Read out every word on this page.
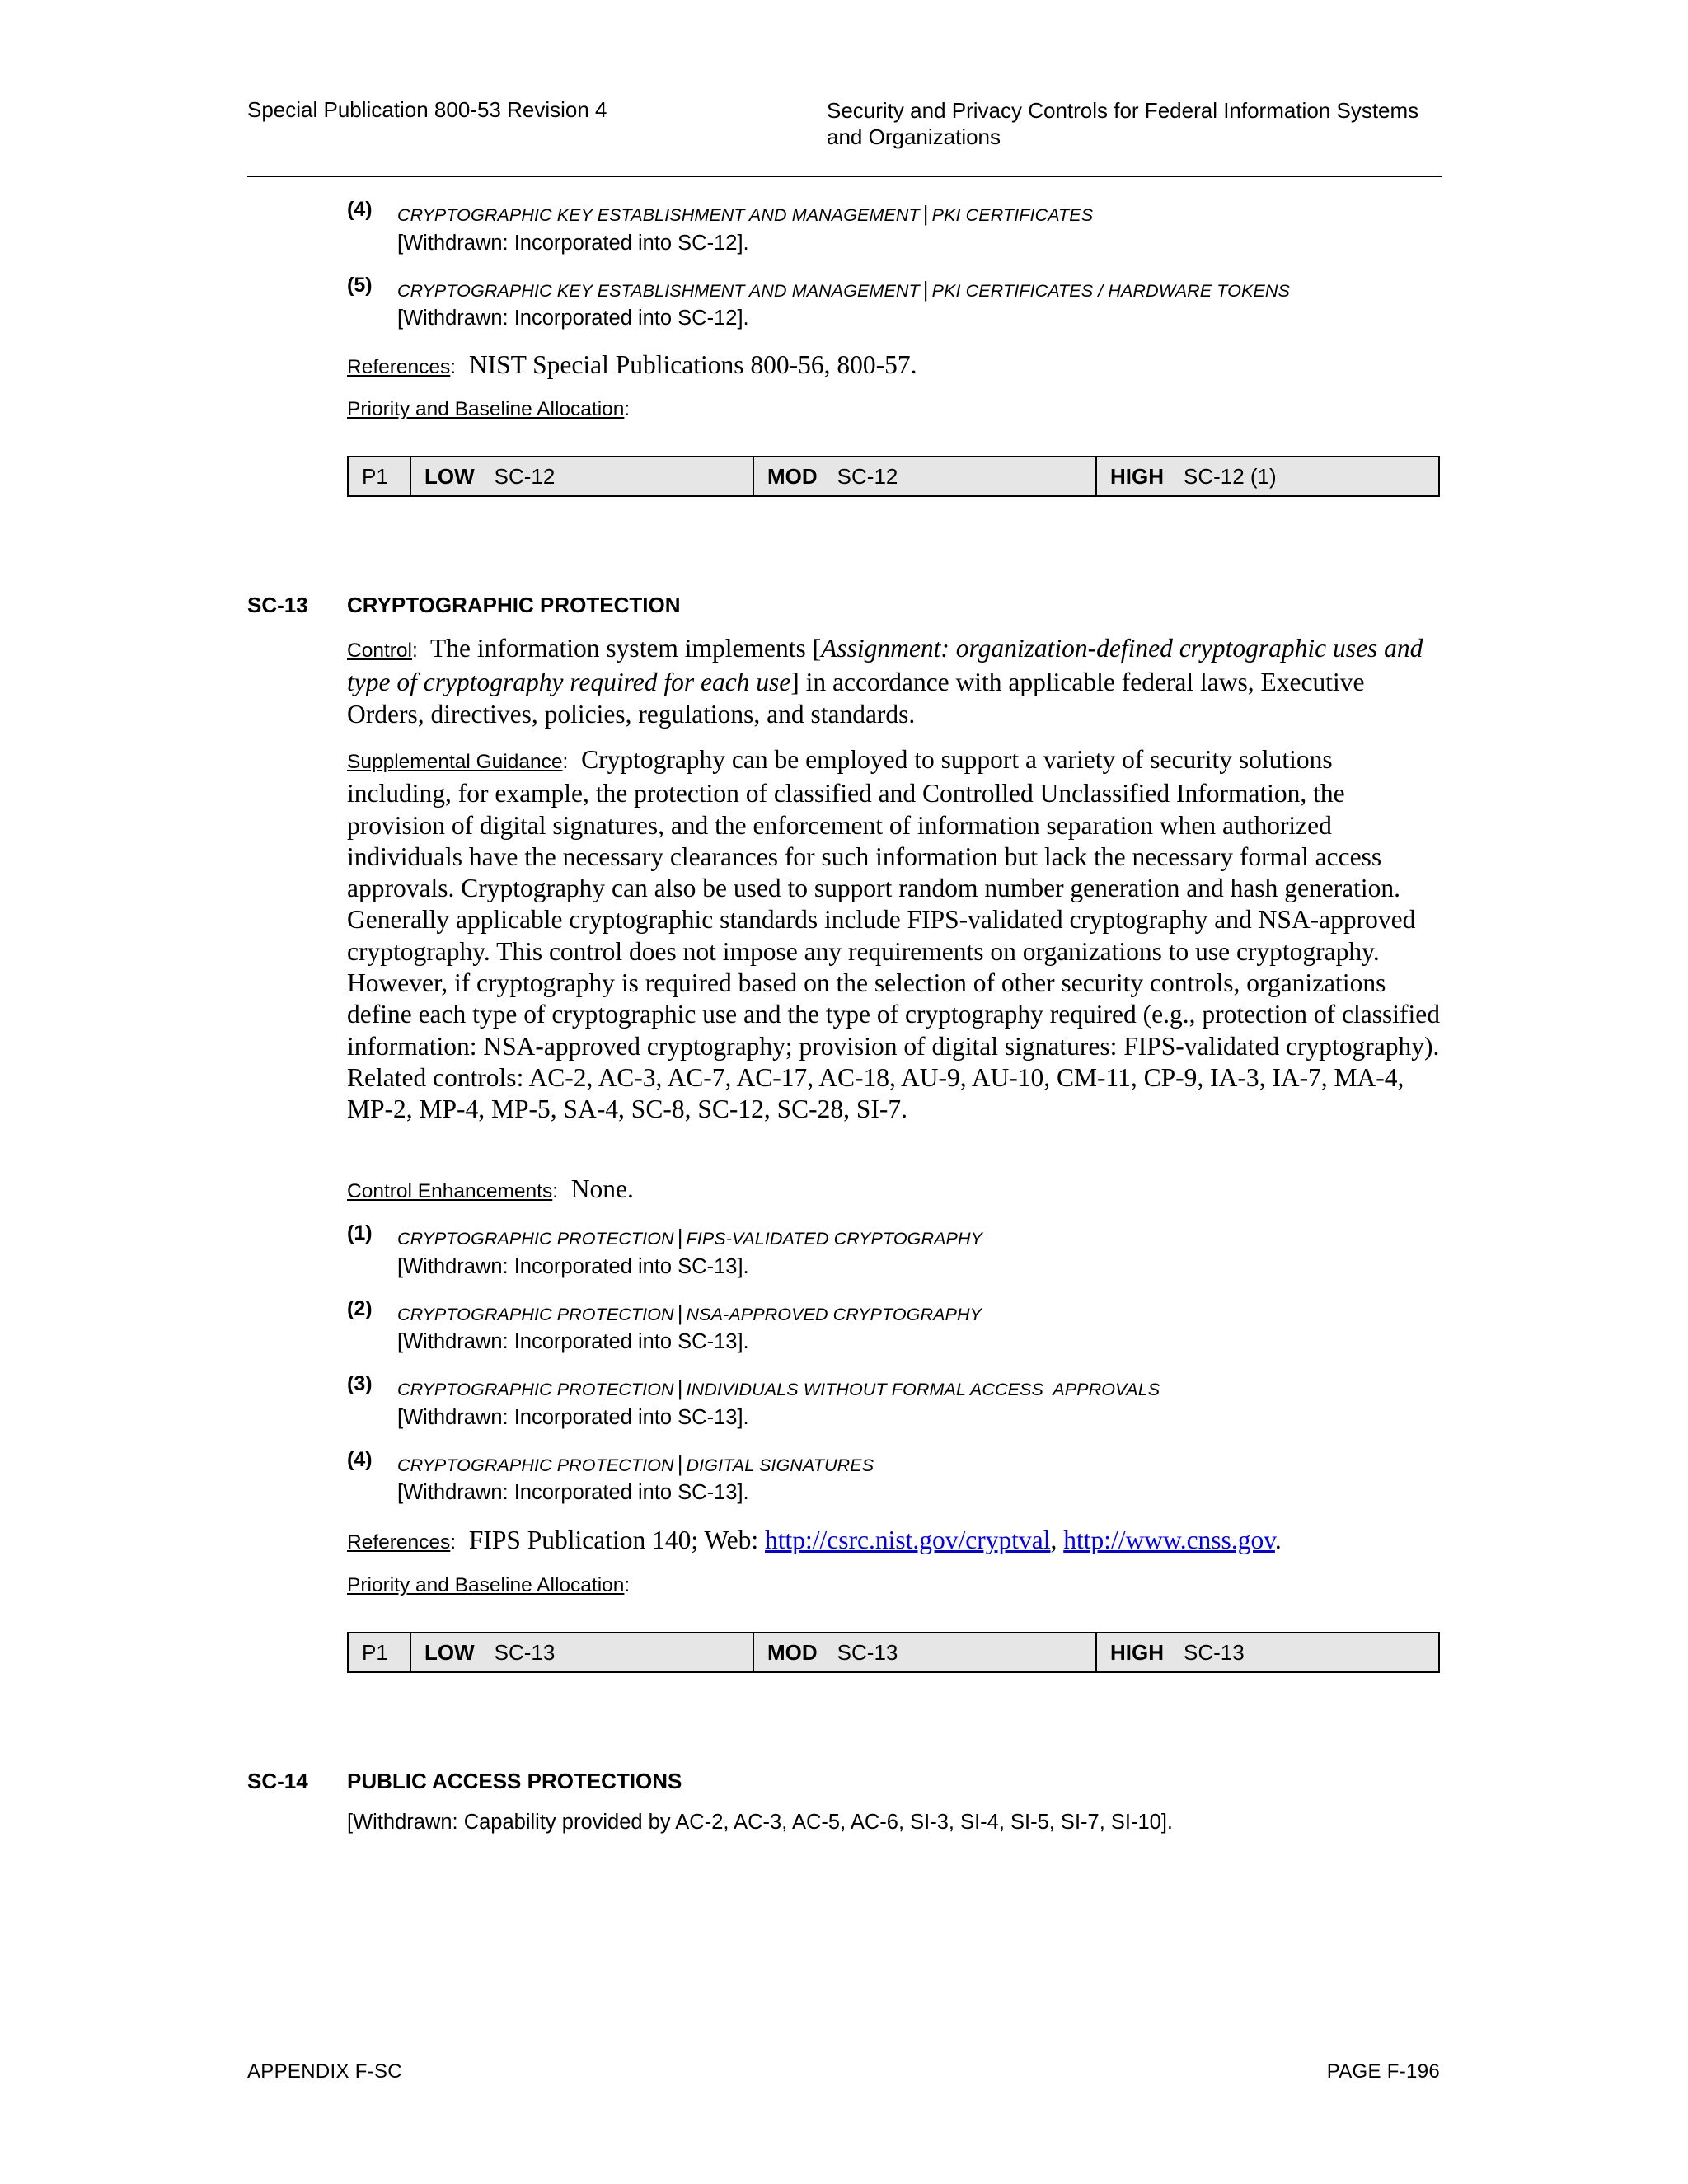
Special Publication 800-53 Revision 4	Security and Privacy Controls for Federal Information Systems
and Organizations
(4) CRYPTOGRAPHIC KEY ESTABLISHMENT AND MANAGEMENT | PKI CERTIFICATES
[Withdrawn: Incorporated into SC-12].
(5) CRYPTOGRAPHIC KEY ESTABLISHMENT AND MANAGEMENT | PKI CERTIFICATES / HARDWARE TOKENS
[Withdrawn: Incorporated into SC-12].
References: NIST Special Publications 800-56, 800-57.
Priority and Baseline Allocation:
P1	LOW SC-12	MOD SC-12	HIGH SC-12 (1)
SC-13 CRYPTOGRAPHIC PROTECTION
Control: The information system implements [Assignment: organization-defined cryptographic uses and type of cryptography required for each use] in accordance with applicable federal laws, Executive Orders, directives, policies, regulations, and standards.
Supplemental Guidance: Cryptography can be employed to support a variety of security solutions including, for example, the protection of classified and Controlled Unclassified Information, the provision of digital signatures, and the enforcement of information separation when authorized individuals have the necessary clearances for such information but lack the necessary formal access approvals. Cryptography can also be used to support random number generation and hash generation. Generally applicable cryptographic standards include FIPS-validated cryptography and NSA-approved cryptography. This control does not impose any requirements on organizations to use cryptography. However, if cryptography is required based on the selection of other security controls, organizations define each type of cryptographic use and the type of cryptography required (e.g., protection of classified information: NSA-approved cryptography; provision of digital signatures: FIPS-validated cryptography). Related controls: AC-2, AC-3, AC-7, AC-17, AC-18, AU-9, AU-10, CM-11, CP-9, IA-3, IA-7, MA-4, MP-2, MP-4, MP-5, SA-4, SC-8, SC-12, SC-28, SI-7.
Control Enhancements: None.
(1) CRYPTOGRAPHIC PROTECTION | FIPS-VALIDATED CRYPTOGRAPHY
[Withdrawn: Incorporated into SC-13].
(2) CRYPTOGRAPHIC PROTECTION | NSA-APPROVED CRYPTOGRAPHY
[Withdrawn: Incorporated into SC-13].
(3) CRYPTOGRAPHIC PROTECTION | INDIVIDUALS WITHOUT FORMAL ACCESS  APPROVALS
[Withdrawn: Incorporated into SC-13].
(4) CRYPTOGRAPHIC PROTECTION | DIGITAL SIGNATURES
[Withdrawn: Incorporated into SC-13].
References: FIPS Publication 140; Web: http://csrc.nist.gov/cryptval, http://www.cnss.gov.
Priority and Baseline Allocation:
P1	LOW SC-13	MOD SC-13	HIGH SC-13
SC-14 PUBLIC ACCESS PROTECTIONS
[Withdrawn: Capability provided by AC-2, AC-3, AC-5, AC-6, SI-3, SI-4, SI-5, SI-7, SI-10].
APPENDIX F-SC	PAGE F-196
